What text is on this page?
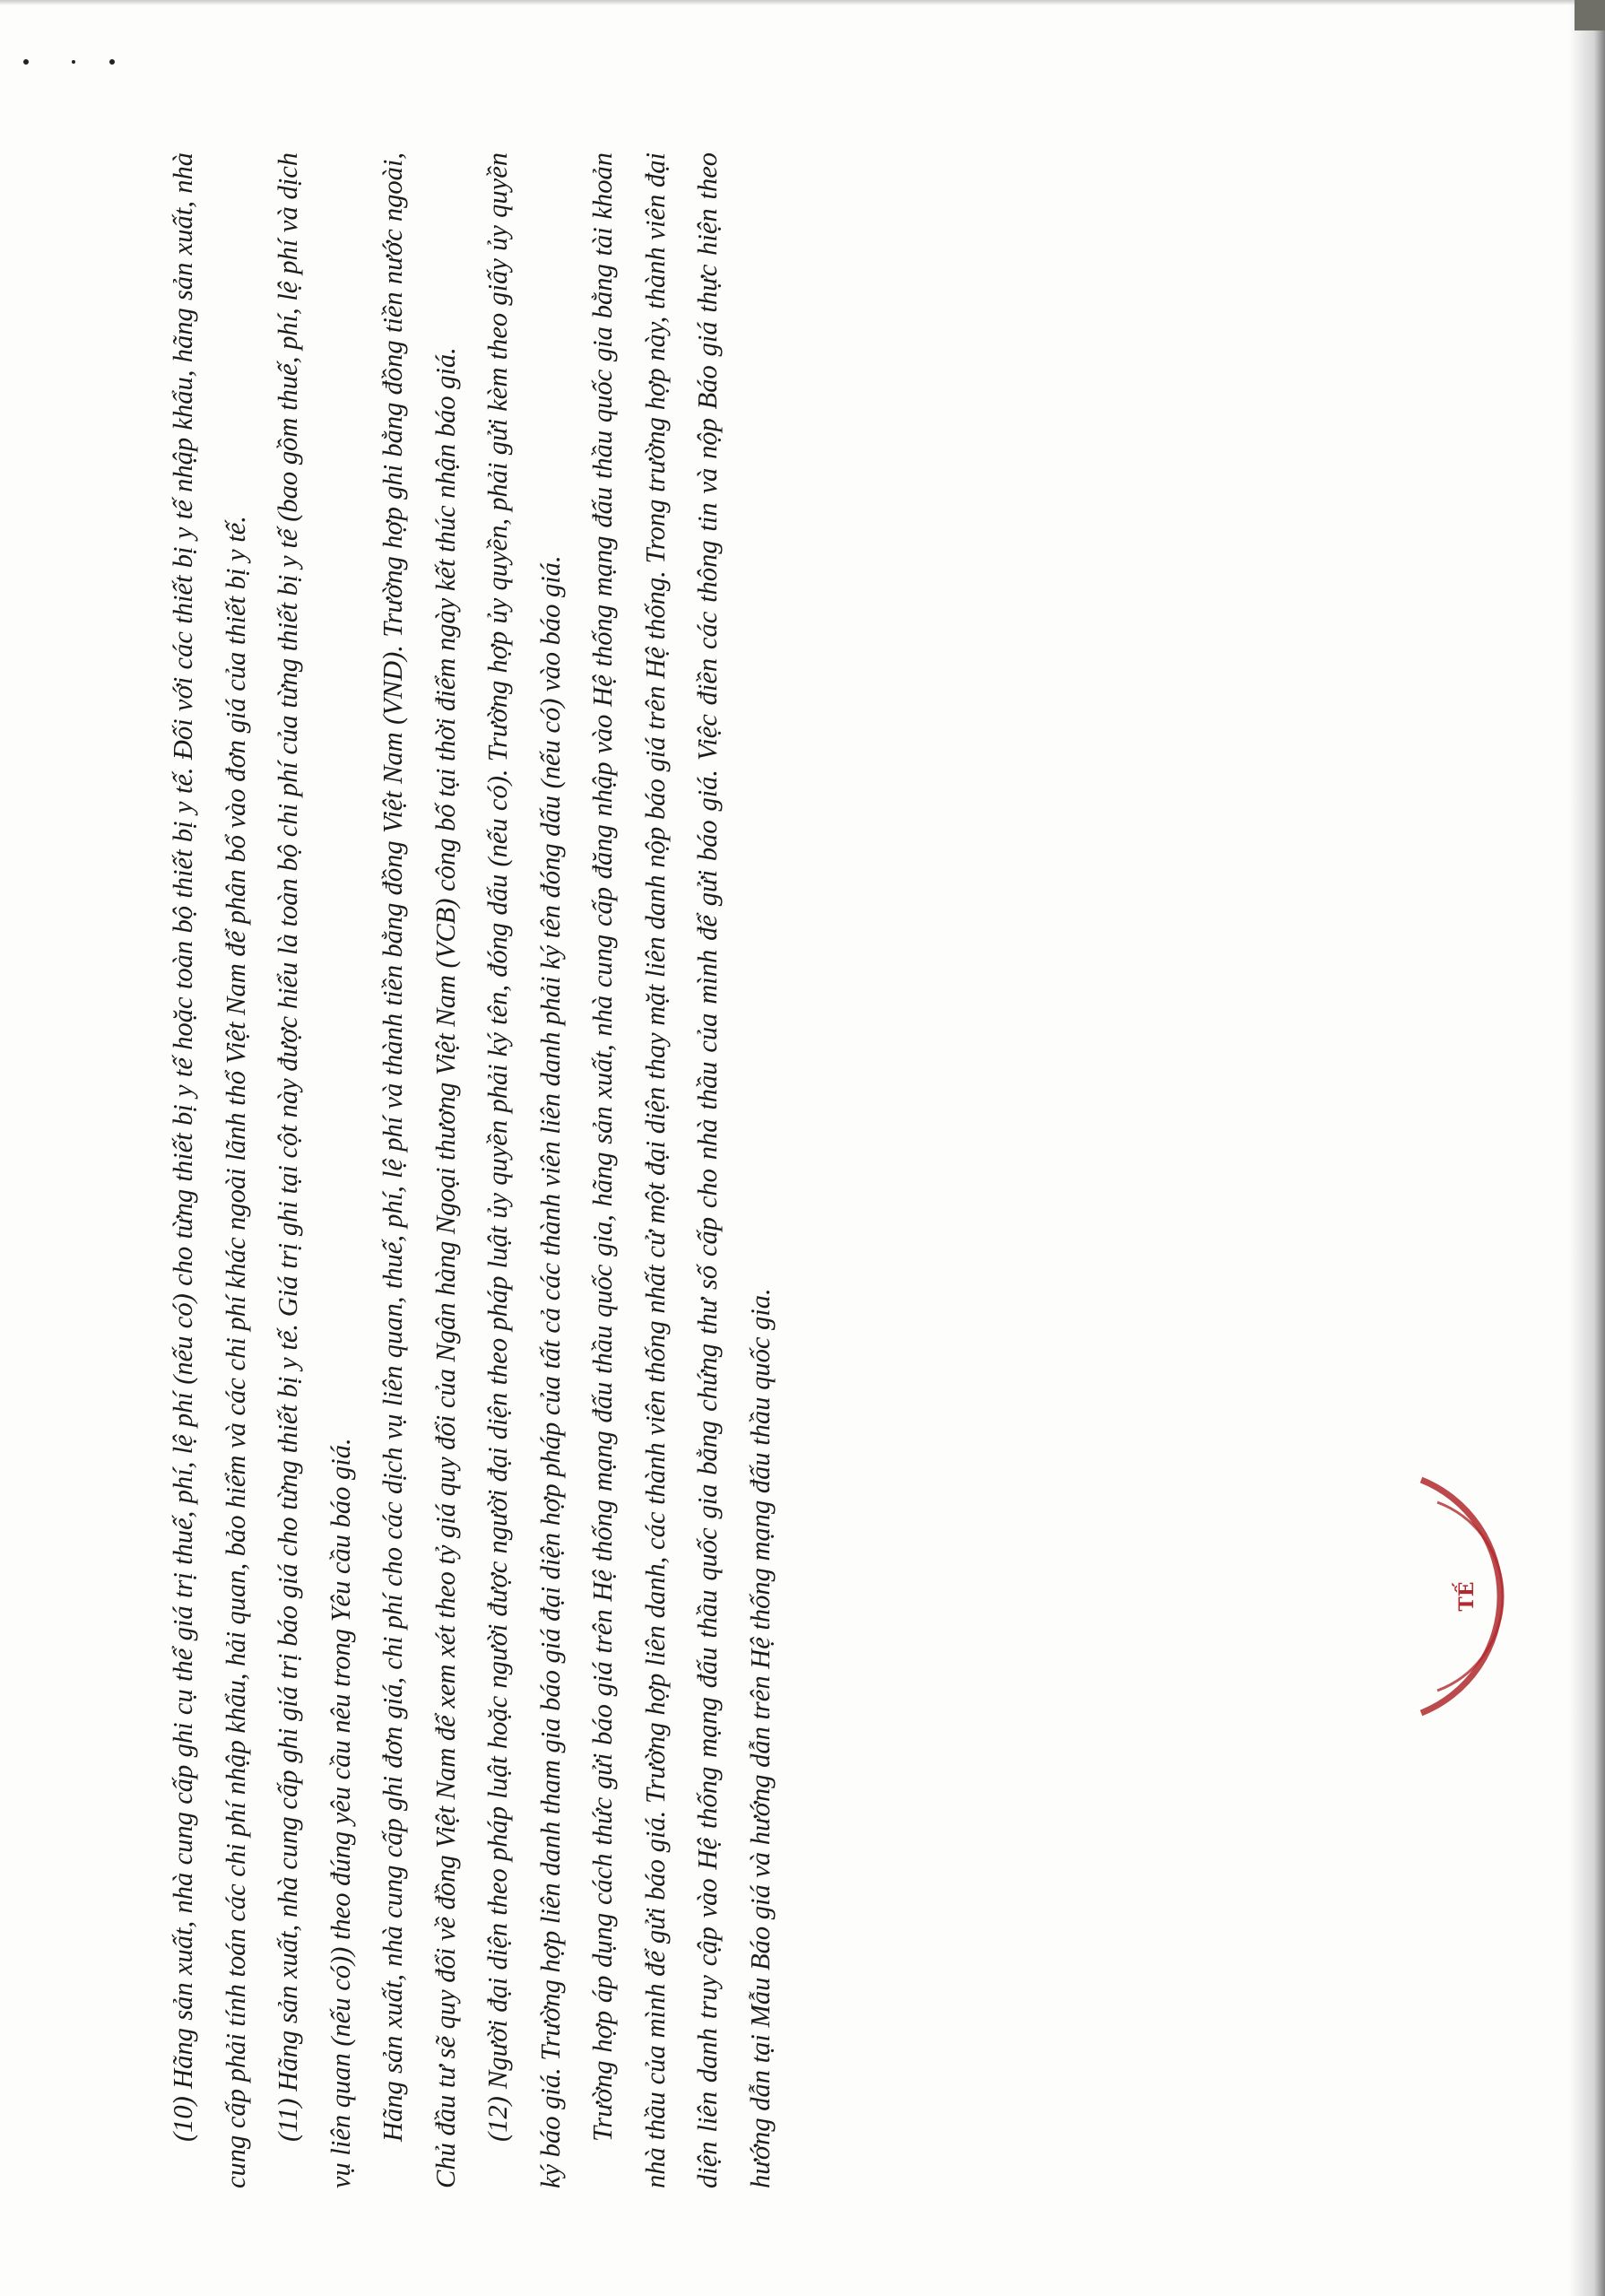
(10) Hãng sản xuất, nhà cung cấp ghi cụ thể giá trị thuế, phí, lệ phí (nếu có) cho từng thiết bị y tế hoặc toàn bộ thiết bị y tế. Đối với các thiết bị y tế nhập khẩu, hãng sản xuất, nhà cung cấp phải tính toán các chi phí nhập khẩu, hải quan, bảo hiểm và các chi phí khác ngoài lãnh thổ Việt Nam để phân bổ vào đơn giá của thiết bị y tế. (11) Hãng sản xuất, nhà cung cấp ghi giá trị báo giá cho từng thiết bị y tế. Giá trị ghi tại cột này được hiểu là toàn bộ chi phí của từng thiết bị y tế (bao gồm thuế, phí, lệ phí và dịch vụ liên quan (nếu có)) theo đúng yêu cầu nêu trong Yêu cầu báo giá. Hãng sản xuất, nhà cung cấp ghi đơn giá, chi phí cho các dịch vụ liên quan, thuế, phí, lệ phí và thành tiền bằng đồng Việt Nam (VND). Trường hợp ghi bằng đồng tiền nước ngoài, Chủ đầu tư sẽ quy đổi về đồng Việt Nam để xem xét theo tỷ giá quy đổi của Ngân hàng Ngoại thương Việt Nam (VCB) công bố tại thời điểm ngày kết thúc nhận báo giá. (12) Người đại diện theo pháp luật hoặc người được người đại diện theo pháp luật ủy quyền phải ký tên, đóng dấu (nếu có). Trường hợp ủy quyền, phải gửi kèm theo giấy ủy quyền ký báo giá. Trường hợp liên danh tham gia báo giá đại diện hợp pháp của tất cả các thành viên liên danh phải ký tên đóng dấu (nếu có) vào báo giá. Trường hợp áp dụng cách thức gửi báo giá trên Hệ thống mạng đấu thầu quốc gia, hãng sản xuất, nhà cung cấp đăng nhập vào Hệ thống mạng đấu thầu quốc gia bằng tài khoản nhà thầu của mình để gửi báo giá. Trường hợp liên danh, các thành viên thống nhất cử một đại diện thay mặt liên danh nộp báo giá trên Hệ thống. Trong trường hợp này, thành viên đại diện liên danh truy cập vào Hệ thống mạng đấu thầu quốc gia bằng chứng thư số cấp cho nhà thầu của mình để gửi báo giá. Việc điền các thông tin và nộp Báo giá thực hiện theo hướng dẫn tại Mẫu Báo giá và hướng dẫn trên Hệ thống mạng đấu thầu quốc gia.	TẾ
